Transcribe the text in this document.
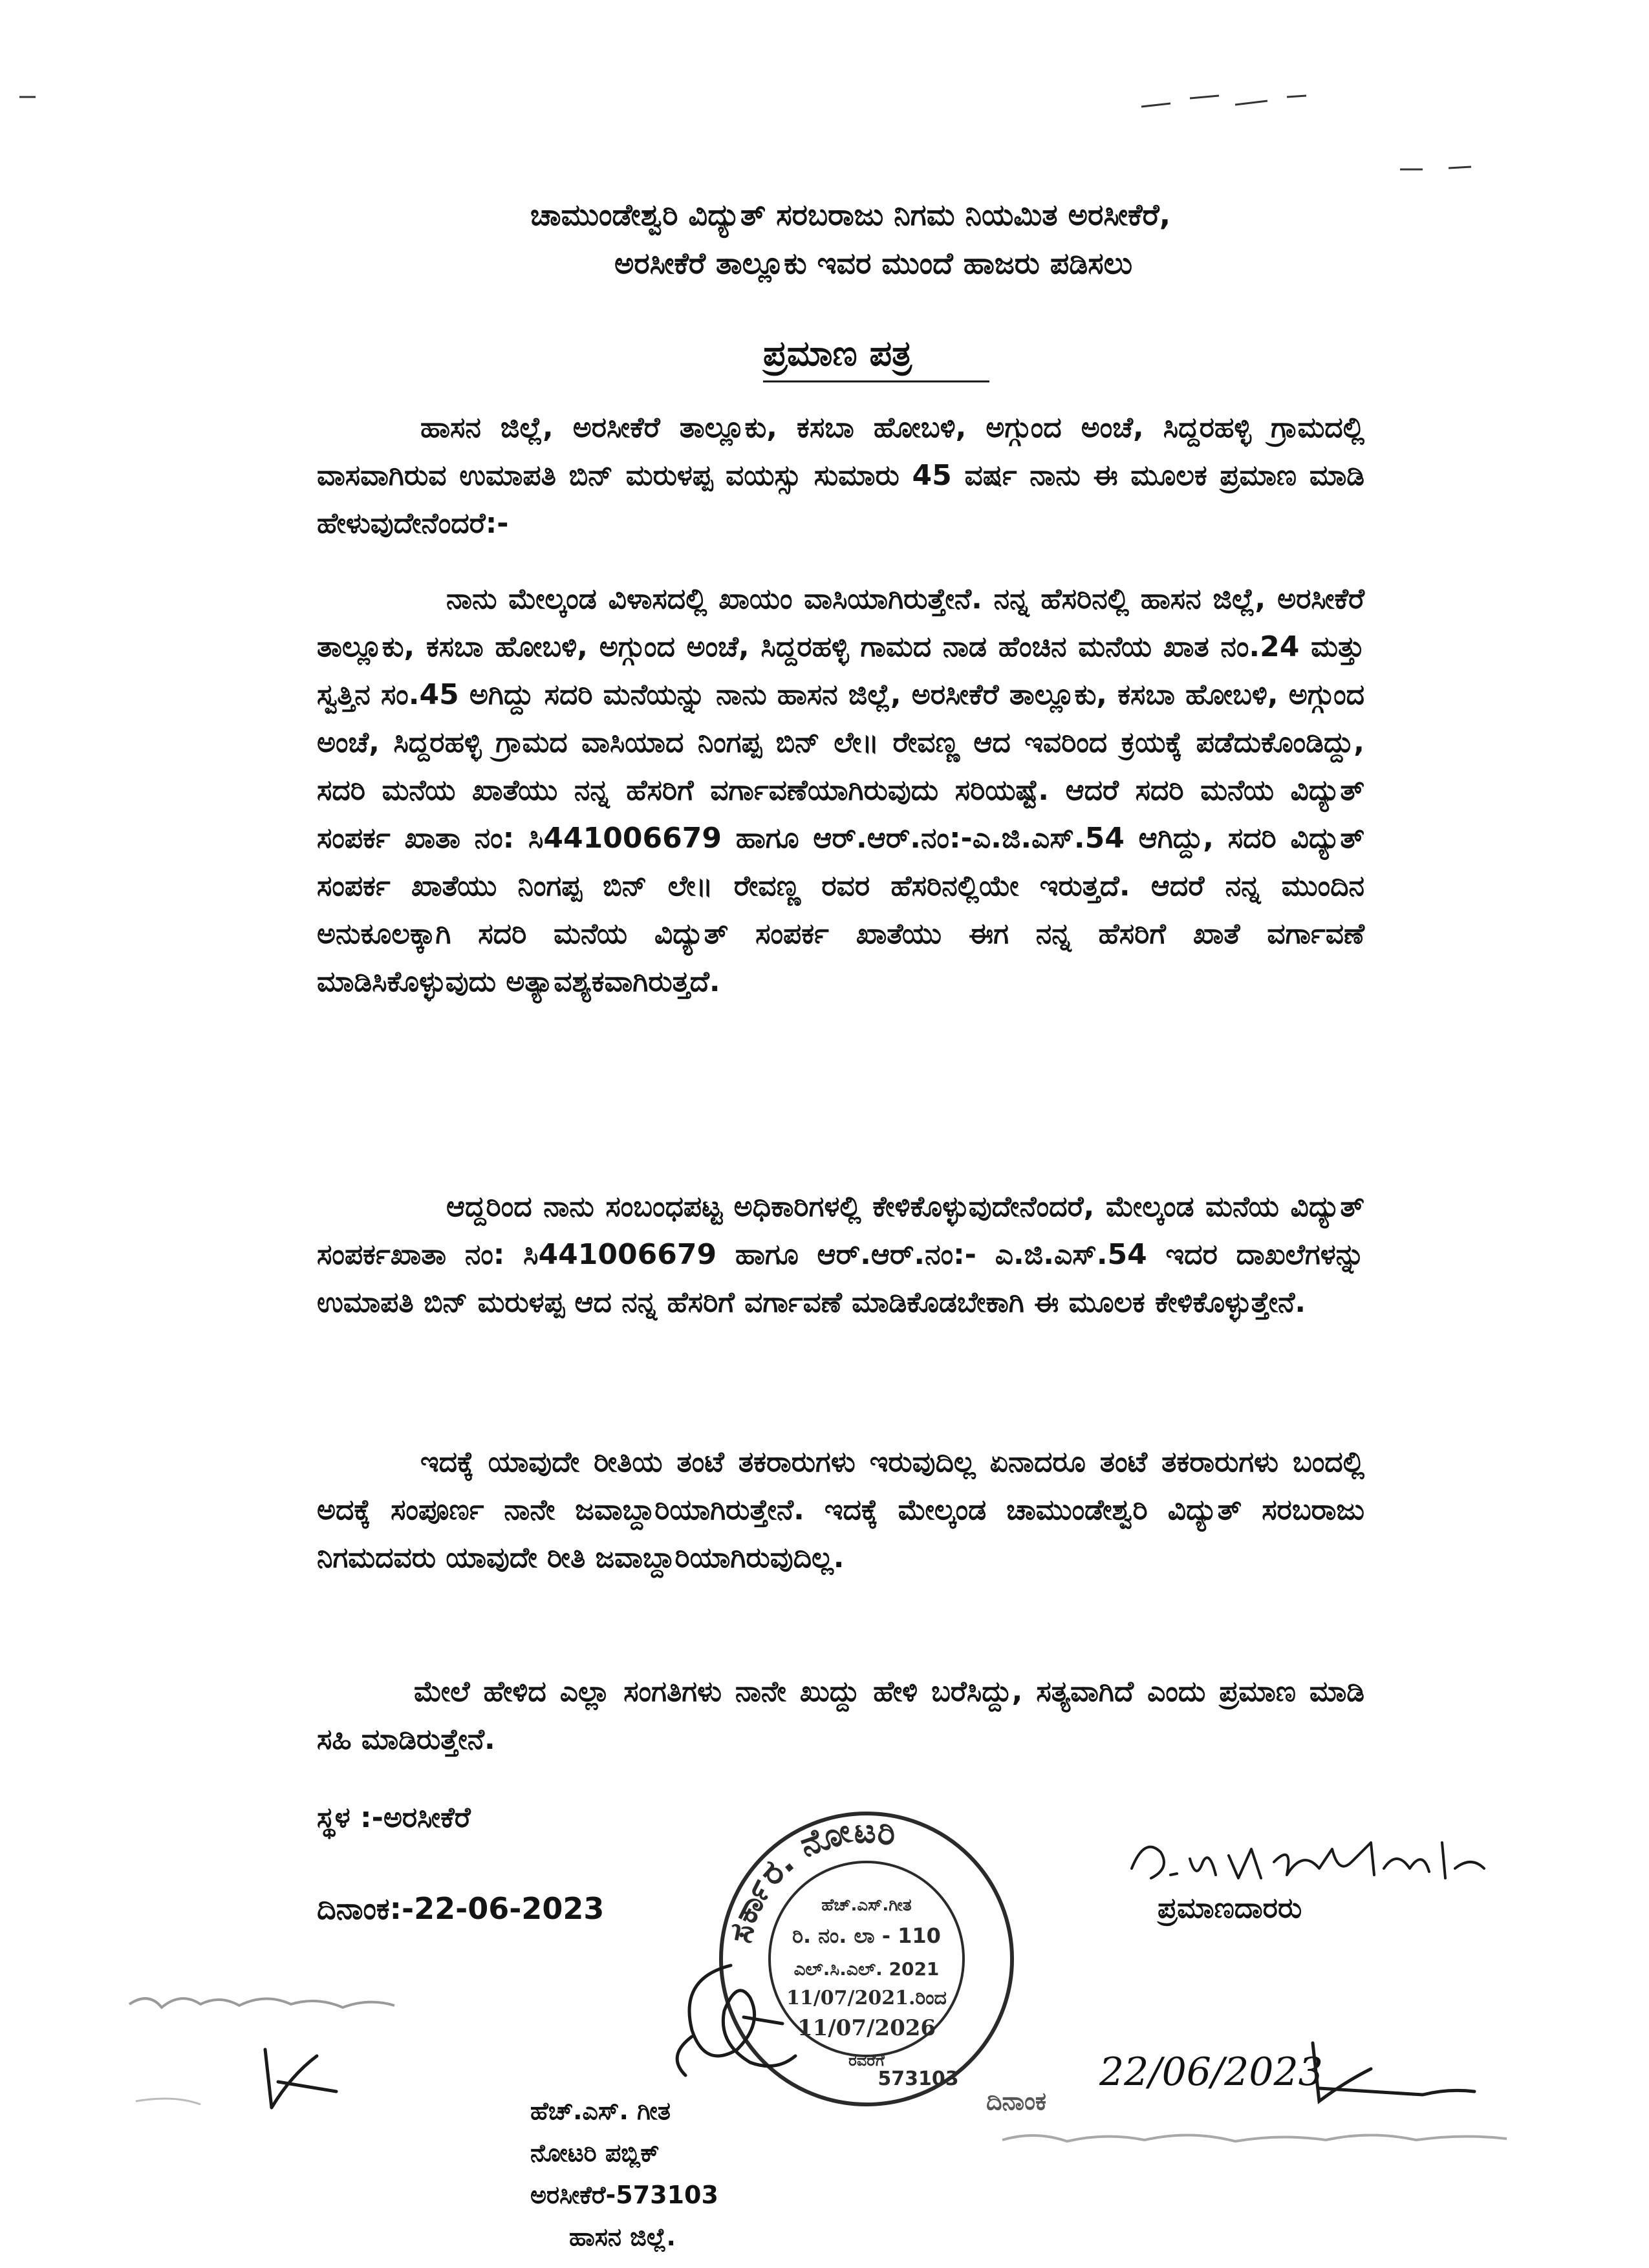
ಚಾಮುಂಡೇಶ್ವರಿ ವಿದ್ಯುತ್ ಸರಬರಾಜು ನಿಗಮ ನಿಯಮಿತ ಅರಸೀಕೆರೆ,
ಅರಸೀಕೆರೆ ತಾಲ್ಲೂಕು ಇವರ ಮುಂದೆ ಹಾಜರು ಪಡಿಸಲು
ಪ್ರಮಾಣ ಪತ್ರ
ಹಾಸನ ಜಿಲ್ಲೆ, ಅರಸೀಕೆರೆ ತಾಲ್ಲೂಕು, ಕಸಬಾ ಹೋಬಳಿ, ಅಗ್ಗುಂದ ಅಂಚೆ, ಸಿದ್ದರಹಳ್ಳಿ ಗ್ರಾಮದಲ್ಲಿ ವಾಸವಾಗಿರುವ ಉಮಾಪತಿ ಬಿನ್ ಮರುಳಪ್ಪ ವಯಸ್ಸು ಸುಮಾರು 45 ವರ್ಷ ನಾನು ಈ ಮೂಲಕ ಪ್ರಮಾಣ ಮಾಡಿ ಹೇಳುವುದೇನೆಂದರೆ:-
ನಾನು ಮೇಲ್ಕಂಡ ವಿಳಾಸದಲ್ಲಿ ಖಾಯಂ ವಾಸಿಯಾಗಿರುತ್ತೇನೆ. ನನ್ನ ಹೆಸರಿನಲ್ಲಿ ಹಾಸನ ಜಿಲ್ಲೆ, ಅರಸೀಕೆರೆ ತಾಲ್ಲೂಕು, ಕಸಬಾ ಹೋಬಳಿ, ಅಗ್ಗುಂದ ಅಂಚೆ, ಸಿದ್ದರಹಳ್ಳಿ ಗಾಮದ ನಾಡ ಹೆಂಚಿನ ಮನೆಯ ಖಾತ ನಂ.24 ಮತ್ತು ಸ್ವತ್ತಿನ ಸಂ.45 ಅಗಿದ್ದು ಸದರಿ ಮನೆಯನ್ನು ನಾನು ಹಾಸನ ಜಿಲ್ಲೆ, ಅರಸೀಕೆರೆ ತಾಲ್ಲೂಕು, ಕಸಬಾ ಹೋಬಳಿ, ಅಗ್ಗುಂದ ಅಂಚೆ, ಸಿದ್ದರಹಳ್ಳಿ ಗ್ರಾಮದ ವಾಸಿಯಾದ ನಿಂಗಪ್ಪ ಬಿನ್ ಲೇ॥ ರೇವಣ್ಣ ಆದ ಇವರಿಂದ ಕ್ರಯಕ್ಕೆ ಪಡೆದುಕೊಂಡಿದ್ದು, ಸದರಿ ಮನೆಯ ಖಾತೆಯು ನನ್ನ ಹೆಸರಿಗೆ ವರ್ಗಾವಣೆಯಾಗಿರುವುದು ಸರಿಯಷ್ಟೆ. ಆದರೆ ಸದರಿ ಮನೆಯ ವಿದ್ಯುತ್ ಸಂಪರ್ಕ ಖಾತಾ ನಂ: ಸಿ441006679 ಹಾಗೂ ಆರ್.ಆರ್.ನಂ:-ಎ.ಜಿ.ಎಸ್.54 ಆಗಿದ್ದು, ಸದರಿ ವಿದ್ಯುತ್ ಸಂಪರ್ಕ ಖಾತೆಯು ನಿಂಗಪ್ಪ ಬಿನ್ ಲೇ॥ ರೇವಣ್ಣ ರವರ ಹೆಸರಿನಲ್ಲಿಯೇ ಇರುತ್ತದೆ. ಆದರೆ ನನ್ನ ಮುಂದಿನ ಅನುಕೂಲಕ್ಕಾಗಿ ಸದರಿ ಮನೆಯ ವಿದ್ಯುತ್ ಸಂಪರ್ಕ ಖಾತೆಯು ಈಗ ನನ್ನ ಹೆಸರಿಗೆ ಖಾತೆ ವರ್ಗಾವಣೆ ಮಾಡಿಸಿಕೊಳ್ಳುವುದು ಅತ್ಯಾವಶ್ಯಕವಾಗಿರುತ್ತದೆ.
ಆದ್ದರಿಂದ ನಾನು ಸಂಬಂಧಪಟ್ಟ ಅಧಿಕಾರಿಗಳಲ್ಲಿ ಕೇಳಿಕೊಳ್ಳುವುದೇನೆಂದರೆ, ಮೇಲ್ಕಂಡ ಮನೆಯ ವಿದ್ಯುತ್ ಸಂಪರ್ಕಖಾತಾ ನಂ: ಸಿ441006679 ಹಾಗೂ ಆರ್.ಆರ್.ನಂ:- ಎ.ಜಿ.ಎಸ್.54 ಇದರ ದಾಖಲೆಗಳನ್ನು ಉಮಾಪತಿ ಬಿನ್ ಮರುಳಪ್ಪ ಆದ ನನ್ನ ಹೆಸರಿಗೆ ವರ್ಗಾವಣೆ ಮಾಡಿಕೊಡಬೇಕಾಗಿ ಈ ಮೂಲಕ ಕೇಳಿಕೊಳ್ಳುತ್ತೇನೆ.
ಇದಕ್ಕೆ ಯಾವುದೇ ರೀತಿಯ ತಂಟೆ ತಕರಾರುಗಳು ಇರುವುದಿಲ್ಲ ಏನಾದರೂ ತಂಟೆ ತಕರಾರುಗಳು ಬಂದಲ್ಲಿ ಅದಕ್ಕೆ ಸಂಪೂರ್ಣ ನಾನೇ ಜವಾಬ್ದಾರಿಯಾಗಿರುತ್ತೇನೆ. ಇದಕ್ಕೆ ಮೇಲ್ಕಂಡ ಚಾಮುಂಡೇಶ್ವರಿ ವಿದ್ಯುತ್ ಸರಬರಾಜು ನಿಗಮದವರು ಯಾವುದೇ ರೀತಿ ಜವಾಬ್ದಾರಿಯಾಗಿರುವುದಿಲ್ಲ.
ಮೇಲೆ ಹೇಳಿದ ಎಲ್ಲಾ ಸಂಗತಿಗಳು ನಾನೇ ಖುದ್ದು ಹೇಳಿ ಬರೆಸಿದ್ದು, ಸತ್ಯವಾಗಿದೆ ಎಂದು ಪ್ರಮಾಣ ಮಾಡಿ ಸಹಿ ಮಾಡಿರುತ್ತೇನೆ.
ಸ್ಥಳ :-ಅರಸೀಕೆರೆ
ದಿನಾಂಕ:-22-06-2023	ಪ್ರಮಾಣದಾರರು
ಸರ್ಕಾರ. ನೋಟರಿ
ಹೆಚ್.ಎಸ್.ಗೀತ
ರಿ. ನಂ. ಲಾ - 110
ಎಲ್.ಸಿ.ಎಲ್. 2021
11/07/2021.ರಿಂದ
11/07/2026
ರವರೆಗೆ
573103
ಹೆಚ್.ಎಸ್. ಗೀತ
ನೋಟರಿ ಪಬ್ಲಿಕ್
ಅರಸೀಕೆರೆ-573103
ಹಾಸನ ಜಿಲ್ಲೆ.
ದಿನಾಂಕ
22/06/2023
